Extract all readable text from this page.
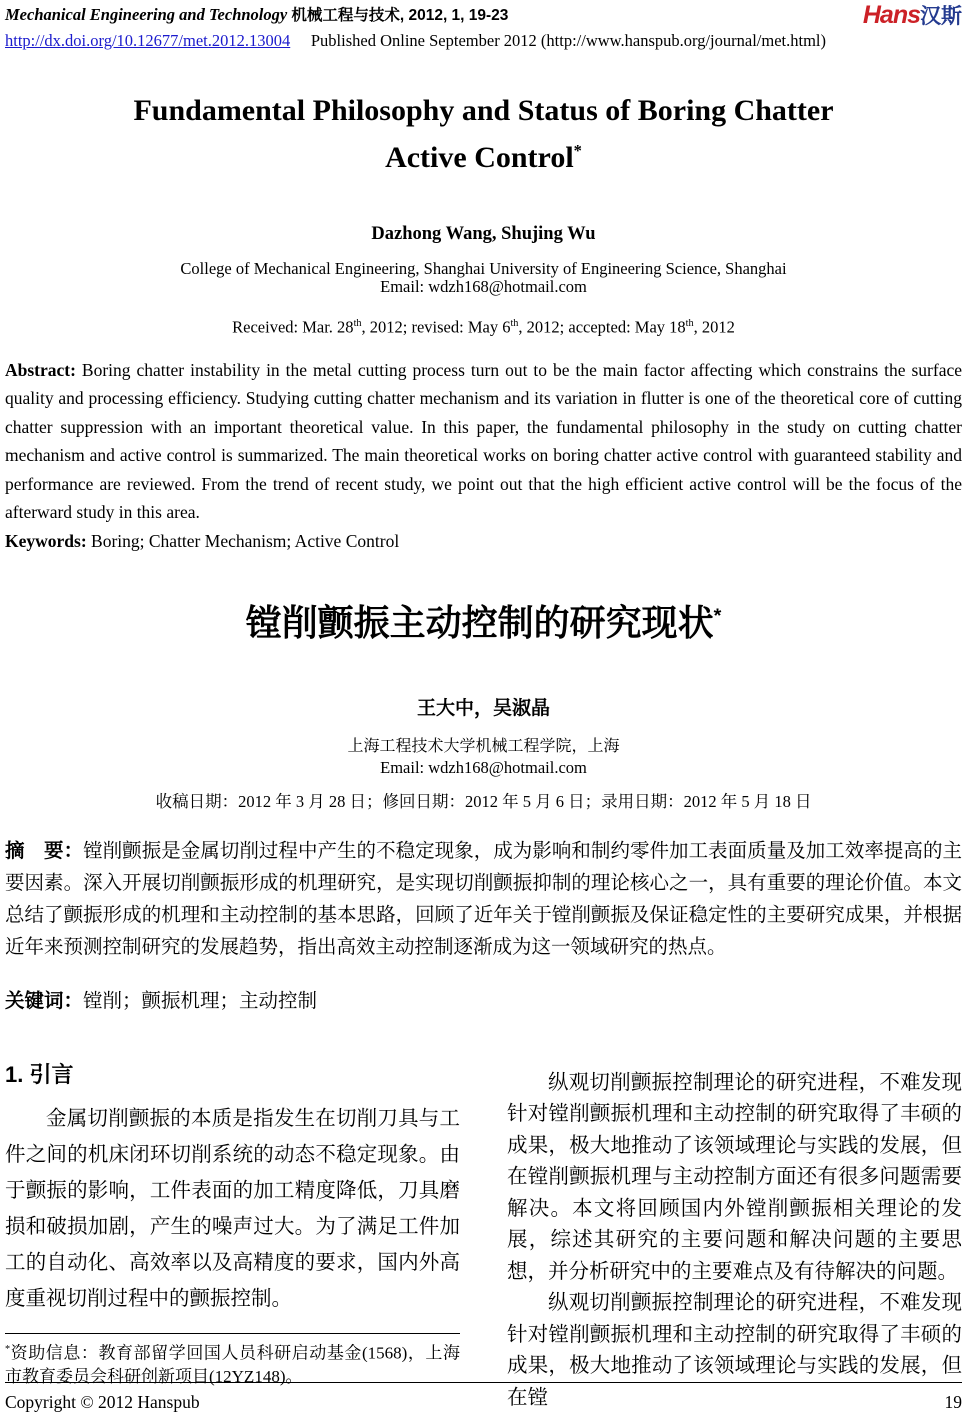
Mechanical Engineering and Technology 机械工程与技术, 2012, 1, 19-23	Hans汉斯
http://dx.doi.org/10.12677/met.2012.13004 Published Online September 2012 (http://www.hanspub.org/journal/met.html)
Fundamental Philosophy and Status of Boring Chatter
Active Control*
Dazhong Wang, Shujing Wu
College of Mechanical Engineering, Shanghai University of Engineering Science, Shanghai
Email: wdzh168@hotmail.com
Received: Mar. 28th, 2012; revised: May 6th, 2012; accepted: May 18th, 2012
Abstract: Boring chatter instability in the metal cutting process turn out to be the main factor affecting which constrains the surface quality and processing efficiency. Studying cutting chatter mechanism and its variation in flutter is one of the theoretical core of cutting chatter suppression with an important theoretical value. In this paper, the fundamental philosophy in the study on cutting chatter mechanism and active control is summarized. The main theoretical works on boring chatter active control with guaranteed stability and performance are reviewed. From the trend of recent study, we point out that the high efficient active control will be the focus of the afterward study in this area.
Keywords: Boring; Chatter Mechanism; Active Control
镗削颤振主动控制的研究现状*
王大中，吴淑晶
上海工程技术大学机械工程学院，上海
Email: wdzh168@hotmail.com
收稿日期：2012 年 3 月 28 日；修回日期：2012 年 5 月 6 日；录用日期：2012 年 5 月 18 日
摘　要：镗削颤振是金属切削过程中产生的不稳定现象，成为影响和制约零件加工表面质量及加工效率提高的主要因素。深入开展切削颤振形成的机理研究，是实现切削颤振抑制的理论核心之一，具有重要的理论价值。本文总结了颤振形成的机理和主动控制的基本思路，回顾了近年关于镗削颤振及保证稳定性的主要研究成果，并根据近年来预测控制研究的发展趋势，指出高效主动控制逐渐成为这一领域研究的热点。
关键词：镗削；颤振机理；主动控制
1. 引言
金属切削颤振的本质是指发生在切削刀具与工件之间的机床闭环切削系统的动态不稳定现象。由于颤振的影响，工件表面的加工精度降低，刀具磨损和破损加剧，产生的噪声过大。为了满足工件加工的自动化、高效率以及高精度的要求，国内外高度重视切削过程中的颤振控制。
*资助信息：教育部留学回国人员科研启动基金(1568)，上海市教育委员会科研创新项目(12YZ148)。
纵观切削颤振控制理论的研究进程，不难发现针对镗削颤振机理和主动控制的研究取得了丰硕的成果，极大地推动了该领域理论与实践的发展，但在镗削颤振机理与主动控制方面还有很多问题需要解决。本文将回顾国内外镗削颤振相关理论的发展，综述其研究的主要问题和解决问题的主要思想，并分析研究中的主要难点及有待解决的问题。
纵观切削颤振控制理论的研究进程，不难发现针对镗削颤振机理和主动控制的研究取得了丰硕的成果，极大地推动了该领域理论与实践的发展，但在镗
Copyright © 2012 Hanspub	19
